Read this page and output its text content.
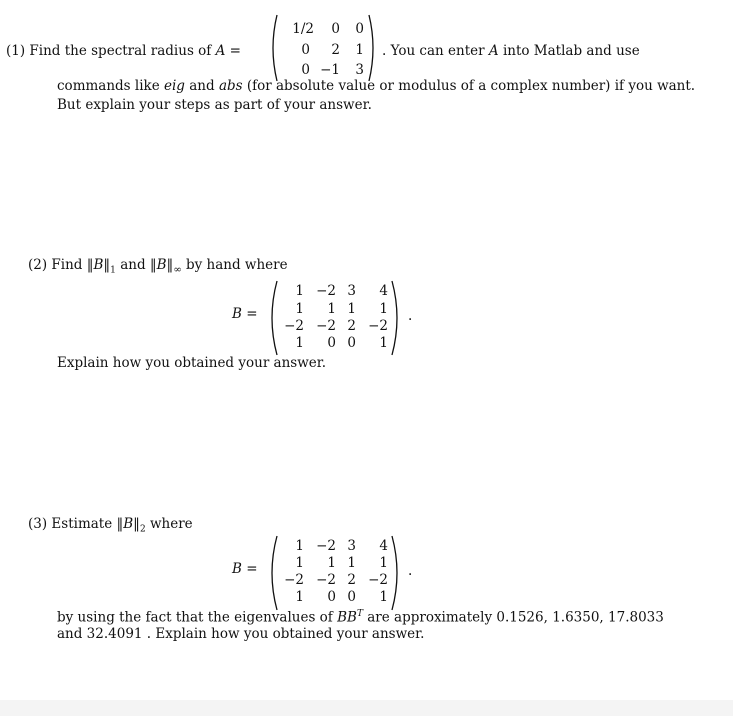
(1) Find the spectral radius of A =
1/2	0	0
0	2	1
0 −1	3
. You can enter A into Matlab and use
commands like eig and abs (for absolute value or modulus of a complex number) if you want.
But explain your steps as part of your answer.
(2) Find $‖B‖_1$ and $‖B‖_\infty$ by hand where
B =
1 −2 3	4
1	1 1	1
−2 −2 2 −2
1	0 0	1
.
Explain how you obtained your answer.
(3) Estimate $‖B‖_2$ where
B =
1 −2 3	4
1	1 1	1
−2 −2 2 −2
1	0 0	1
.
by using the fact that the eigenvalues of $BB^T$ are approximately 0.1526, 1.6350, 17.8033
and 32.4091 . Explain how you obtained your answer.
